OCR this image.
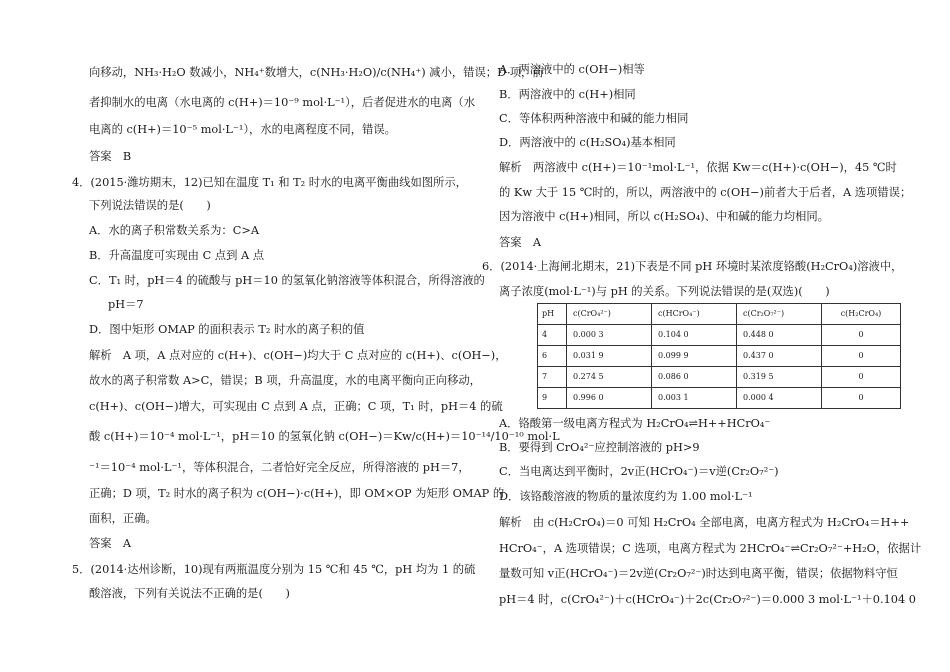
向移动，NH₃·H₂O 数减小，NH₄⁺数增大，c(NH₃·H₂O)/c(NH₄⁺) 减小，错误；D 项，前
者抑制水的电离（水电离的 c(H+)＝10⁻⁹ mol·L⁻¹），后者促进水的电离（水
电离的 c(H+)＝10⁻⁵ mol·L⁻¹），水的电离程度不同，错误。
答案　B
4．(2015·潍坊期末，12)已知在温度 T₁ 和 T₂ 时水的电离平衡曲线如图所示，
下列说法错误的是(　　)
A．水的离子积常数关系为：C>A
B．升高温度可实现由 C 点到 A 点
C．T₁ 时，pH＝4 的硫酸与 pH＝10 的氢氧化钠溶液等体积混合，所得溶液的
pH＝7
D．图中矩形 OMAP 的面积表示 T₂ 时水的离子积的值
解析　A 项，A 点对应的 c(H+)、c(OH−)均大于 C 点对应的 c(H+)、c(OH−)，
故水的离子积常数 A>C，错误；B 项，升高温度，水的电离平衡向正向移动，
c(H+)、c(OH−)增大，可实现由 C 点到 A 点，正确；C 项，T₁ 时，pH＝4 的硫
酸 c(H+)＝10⁻⁴ mol·L⁻¹，pH＝10 的氢氧化钠 c(OH−)＝Kw/c(H+)＝10⁻¹⁴/10⁻¹⁰ mol·L
⁻¹＝10⁻⁴ mol·L⁻¹，等体积混合，二者恰好完全反应，所得溶液的 pH＝7，
正确；D 项，T₂ 时水的离子积为 c(OH−)·c(H+)，即 OM×OP 为矩形 OMAP 的
面积，正确。
答案　A
5．(2014·达州诊断，10)现有两瓶温度分别为 15 ℃和 45 ℃，pH 均为 1 的硫
酸溶液，下列有关说法不正确的是(　　)
A．两溶液中的 c(OH−)相等
B．两溶液中的 c(H+)相同
C．等体积两种溶液中和碱的能力相同
D．两溶液中的 c(H₂SO₄)基本相同
解析　两溶液中 c(H+)＝10⁻¹mol·L⁻¹，依据 Kw＝c(H+)·c(OH−)，45 ℃时
的 Kw 大于 15 ℃时的，所以，两溶液中的 c(OH−)前者大于后者，A 选项错误；
因为溶液中 c(H+)相同，所以 c(H₂SO₄)、中和碱的能力均相同。
答案　A
6．(2014·上海闸北期末，21)下表是不同 pH 环境时某浓度铬酸(H₂CrO₄)溶液中，
离子浓度(mol·L⁻¹)与 pH 的关系。下列说法错误的是(双选)(　　)
pH	c(CrO₄²⁻)	c(HCrO₄⁻)	c(Cr₂O₇²⁻)	c(H₂CrO₄)
4	0.000 3	0.104 0	0.448 0	0
6	0.031 9	0.099 9	0.437 0	0
7	0.274 5	0.086 0	0.319 5	0
9	0.996 0	0.003 1	0.000 4	0
A．铬酸第一级电离方程式为 H₂CrO₄⇌H++HCrO₄⁻
B．要得到 CrO₄²⁻应控制溶液的 pH>9
C．当电离达到平衡时，2v正(HCrO₄⁻)＝v逆(Cr₂O₇²⁻)
D．该铬酸溶液的物质的量浓度约为 1.00 mol·L⁻¹
解析　由 c(H₂CrO₄)＝0 可知 H₂CrO₄ 全部电离，电离方程式为 H₂CrO₄＝H++
HCrO₄⁻，A 选项错误；C 选项，电离方程式为 2HCrO₄⁻⇌Cr₂O₇²⁻+H₂O，依据计
量数可知 v正(HCrO₄⁻)＝2v逆(Cr₂O₇²⁻)时达到电离平衡，错误；依据物料守恒
pH＝4 时，c(CrO₄²⁻)＋c(HCrO₄⁻)＋2c(Cr₂O₇²⁻)＝0.000 3 mol·L⁻¹＋0.104 0
